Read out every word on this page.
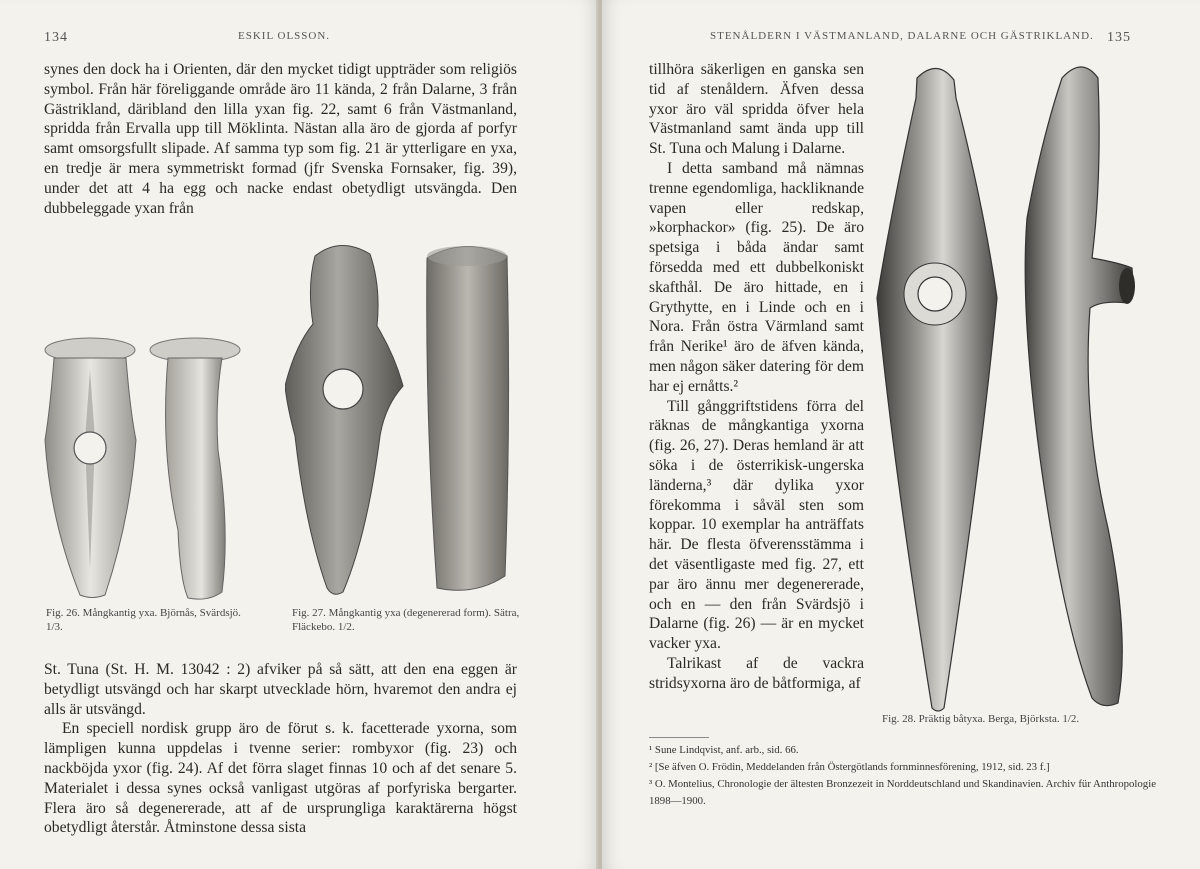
134	ESKIL OLSSON.

synes den dock ha i Orienten, där den mycket tidigt uppträder som religiös symbol. Från här föreliggande område äro 11 kända, 2 från Dalarne, 3 från Gästrikland, däribland den lilla yxan fig. 22, samt 6 från Västmanland, spridda från Ervalla upp till Möklinta. Nästan alla äro de gjorda af porfyr samt omsorgsfullt slipade. Af samma typ som fig. 21 är ytterligare en yxa, en tredje är mera symmetriskt formad (jfr Svenska Fornsaker, fig. 39), under det att 4 ha egg och nacke endast obetydligt utsvängda. Den dubbeleggade yxan från

Fig. 26. Mångkantig yxa. Björnås, Svärdsjö. 1/3.
Fig. 27. Mångkantig yxa (degenererad form). Sätra, Fläckebo. 1/2.

St. Tuna (St. H. M. 13042 : 2) afviker på så sätt, att den ena eggen är betydligt utsvängd och har skarpt utvecklade hörn, hvaremot den andra ej alls är utsvängd.

En speciell nordisk grupp äro de förut s. k. facetterade yxorna, som lämpligen kunna uppdelas i tvenne serier: rombyxor (fig. 23) och nackböjda yxor (fig. 24). Af det förra slaget finnas 10 och af det senare 5. Materialet i dessa synes också vanligast utgöras af porfyriska bergarter. Flera äro så degenererade, att af de ursprungliga karaktärerna högst obetydligt återstår. Åtminstone dessa sista

STENÅLDERN I VÄSTMANLAND, DALARNE OCH GÄSTRIKLAND. 135

tillhöra säkerligen en ganska sen tid af stenåldern. Äfven dessa yxor äro väl spridda öfver hela Västmanland samt ända upp till St. Tuna och Malung i Dalarne.

I detta samband må nämnas trenne egendomliga, hackliknande vapen eller redskap, »korphackor» (fig. 25). De äro spetsiga i båda ändar samt försedda med ett dubbelkoniskt skafthål. De äro hittade, en i Grythytte, en i Linde och en i Nora. Från östra Värmland samt från Nerike¹ äro de äfven kända, men någon säker datering för dem har ej ernåtts.²

Till gånggriftstidens förra del räknas de mångkantiga yxorna (fig. 26, 27). Deras hemland är att söka i de österrikisk-ungerska länderna,³ där dylika yxor förekomma i såväl sten som koppar. 10 exemplar ha anträffats här. De flesta öfverensstämma i det väsentligaste med fig. 27, ett par äro ännu mer degenererade, och en — den från Svärdsjö i Dalarne (fig. 26) — är en mycket vacker yxa.

Talrikast af de vackra stridsyxorna äro de båtformiga, af

Fig. 28. Präktig båtyxa. Berga, Björksta. 1/2.
¹ Sune Lindqvist, anf. arb., sid. 66.
² [Se äfven O. Frödin, Meddelanden från Östergötlands fornminnesförening, 1912, sid. 23 f.]
³ O. Montelius, Chronologie der ältesten Bronzezeit in Norddeutschland und Skandinavien. Archiv für Anthropologie 1898—1900.
